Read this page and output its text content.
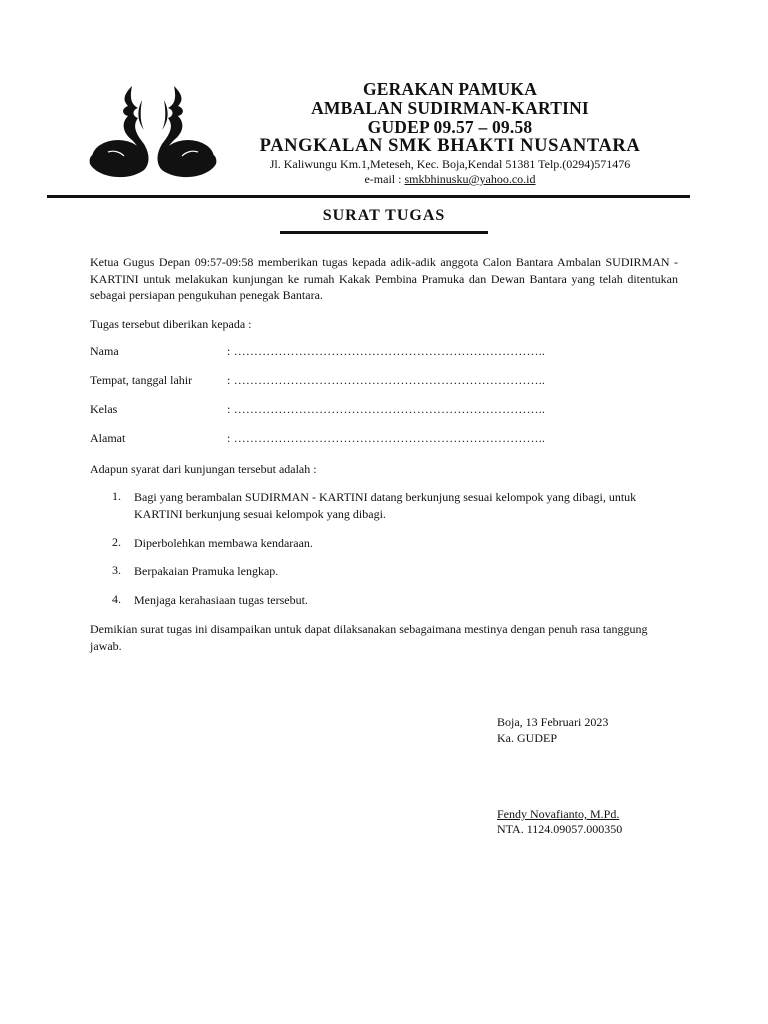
GERAKAN PAMUKA
AMBALAN SUDIRMAN-KARTINI
GUDEP 09.57 – 09.58
PANGKALAN SMK BHAKTI NUSANTARA
Jl. Kaliwungu Km.1,Meteseh, Kec. Boja,Kendal 51381 Telp.(0294)571476
e-mail : smkbhinusku@yahoo.co.id
SURAT TUGAS
Ketua Gugus Depan 09:57-09:58 memberikan tugas kepada adik-adik anggota Calon Bantara Ambalan SUDIRMAN - KARTINI untuk melakukan kunjungan ke rumah Kakak Pembina Pramuka dan Dewan Bantara yang telah ditentukan sebagai persiapan pengukuhan penegak Bantara.
Tugas tersebut diberikan kepada :
Nama	: …………………………………………………………………..
Tempat, tanggal lahir	: …………………………………………………………………..
Kelas	: …………………………………………………………………..
Alamat	: …………………………………………………………………..
Adapun syarat dari kunjungan tersebut adalah :
1. Bagi yang berambalan SUDIRMAN - KARTINI datang berkunjung sesuai kelompok yang dibagi, untuk KARTINI berkunjung sesuai kelompok yang dibagi.
2. Diperbolehkan membawa kendaraan.
3. Berpakaian Pramuka lengkap.
4. Menjaga kerahasiaan tugas tersebut.
Demikian surat tugas ini disampaikan untuk dapat dilaksanakan sebagaimana mestinya dengan penuh rasa tanggung jawab.
Boja, 13 Februari 2023
Ka. GUDEP
Fendy Novafianto, M.Pd.
NTA. 1124.09057.000350
